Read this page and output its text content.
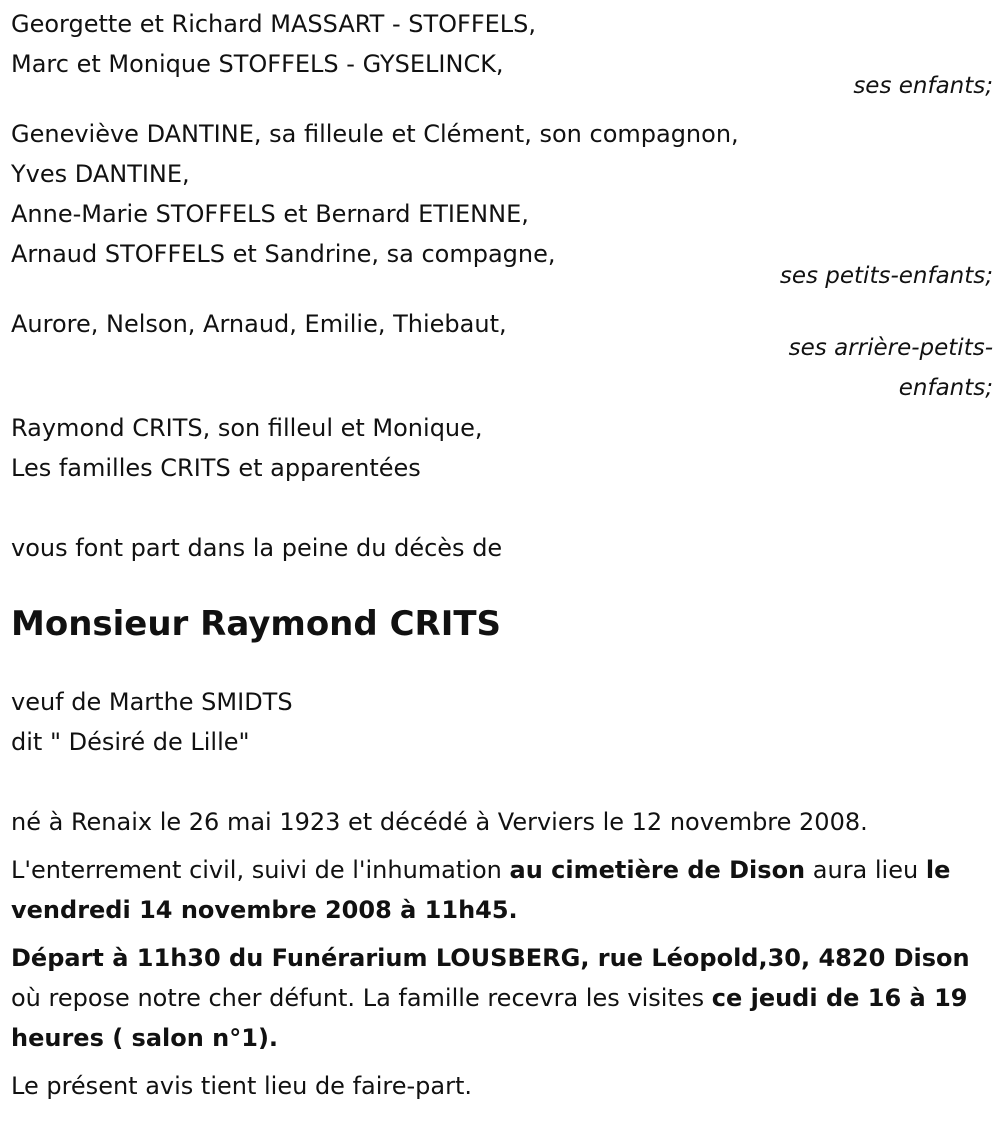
Georgette et Richard MASSART - STOFFELS,
Marc et Monique STOFFELS - GYSELINCK,
ses enfants;
Geneviève DANTINE, sa filleule et Clément, son compagnon,
Yves DANTINE,
Anne-Marie STOFFELS et Bernard ETIENNE,
Arnaud STOFFELS et Sandrine, sa compagne,
ses petits-enfants;
Aurore, Nelson, Arnaud, Emilie, Thiebaut,
ses arrière-petits-
enfants;
Raymond CRITS, son filleul et Monique,
Les familles CRITS et apparentées
vous font part dans la peine du décès de
Monsieur Raymond CRITS
veuf de Marthe SMIDTS
dit " Désiré de Lille"
né à Renaix le 26 mai 1923 et décédé à Verviers le 12 novembre 2008.
L'enterrement civil, suivi de l'inhumation au cimetière de Dison aura lieu le vendredi 14 novembre 2008 à 11h45.
Départ à 11h30 du Funérarium LOUSBERG, rue Léopold,30, 4820 Dison où repose notre cher défunt. La famille recevra les visites ce jeudi de 16 à 19 heures ( salon n°1).
Le présent avis tient lieu de faire-part.
